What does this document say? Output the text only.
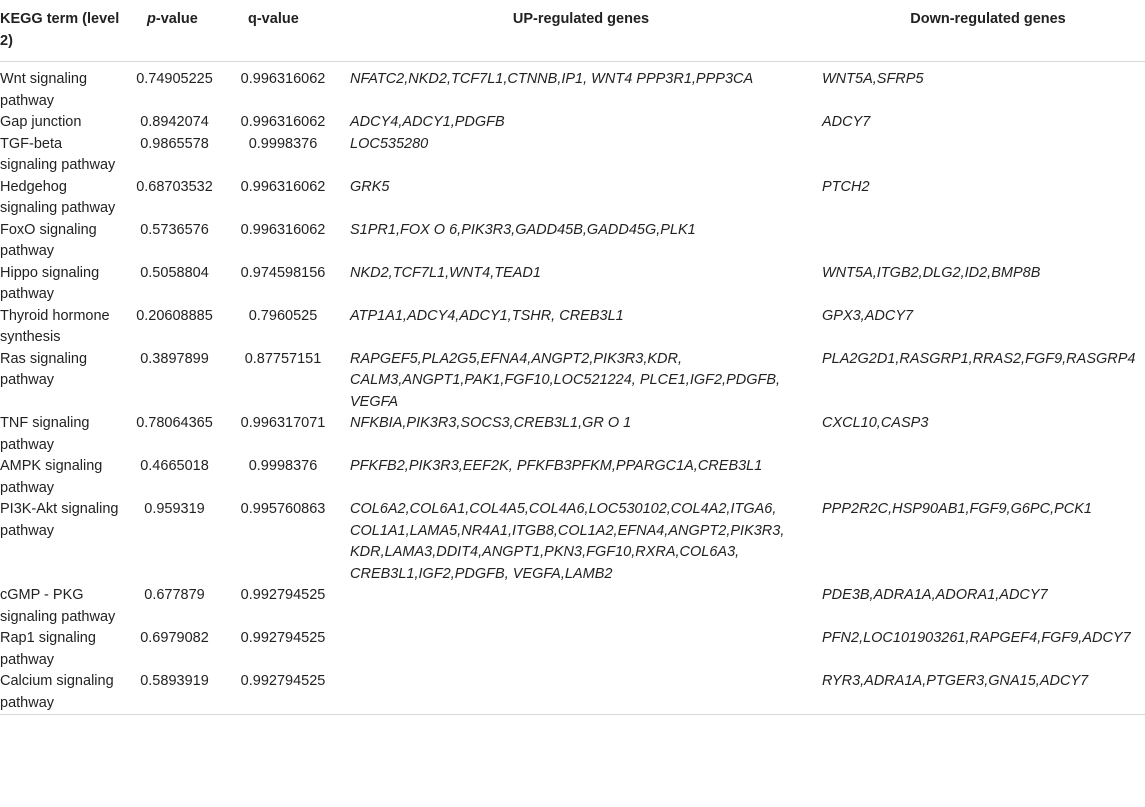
KEGG term (level 2)	p-value	q-value	UP-regulated genes	Down-regulated genes
Wnt signaling pathway	0.74905225	0.996316062	NFATC2,NKD2,TCF7L1,CTNNB,IP1, WNT4 PPP3R1,PPP3CA	WNT5A,SFRP5
Gap junction	0.8942074	0.996316062	ADCY4,ADCY1,PDGFB	ADCY7
TGF-beta signaling pathway	0.9865578	0.9998376	LOC535280	
Hedgehog signaling pathway	0.68703532	0.996316062	GRK5	PTCH2
FoxO signaling pathway	0.5736576	0.996316062	S1PR1,FOX O 6,PIK3R3,GADD45B,GADD45G,PLK1	
Hippo signaling pathway	0.5058804	0.974598156	NKD2,TCF7L1,WNT4,TEAD1	WNT5A,ITGB2,DLG2,ID2,BMP8B
Thyroid hormone synthesis	0.20608885	0.7960525	ATP1A1,ADCY4,ADCY1,TSHR, CREB3L1	GPX3,ADCY7
Ras signaling pathway	0.3897899	0.87757151	RAPGEF5,PLA2G5,EFNA4,ANGPT2,PIK3R3,KDR, CALM3,ANGPT1,PAK1,FGF10,LOC521224, PLCE1,IGF2,PDGFB, VEGFA	PLA2G2D1,RASGRP1,RRAS2,FGF9,RASGRP4
TNF signaling pathway	0.78064365	0.996317071	NFKBIA,PIK3R3,SOCS3,CREB3L1,GR O 1	CXCL10,CASP3
AMPK signaling pathway	0.4665018	0.9998376	PFKFB2,PIK3R3,EEF2K, PFKFB3PFKM,PPARGC1A,CREB3L1	
PI3K-Akt signaling pathway	0.959319	0.995760863	COL6A2,COL6A1,COL4A5,COL4A6,LOC530102,COL4A2,ITGA6, COL1A1,LAMA5,NR4A1,ITGB8,COL1A2,EFNA4,ANGPT2,PIK3R3, KDR,LAMA3,DDIT4,ANGPT1,PKN3,FGF10,RXRA,COL6A3, CREB3L1,IGF2,PDGFB, VEGFA,LAMB2	PPP2R2C,HSP90AB1,FGF9,G6PC,PCK1
cGMP - PKG signaling pathway	0.677879	0.992794525		PDE3B,ADRA1A,ADORA1,ADCY7
Rap1 signaling pathway	0.6979082	0.992794525		PFN2,LOC101903261,RAPGEF4,FGF9,ADCY7
Calcium signaling pathway	0.5893919	0.992794525		RYR3,ADRA1A,PTGER3,GNA15,ADCY7
